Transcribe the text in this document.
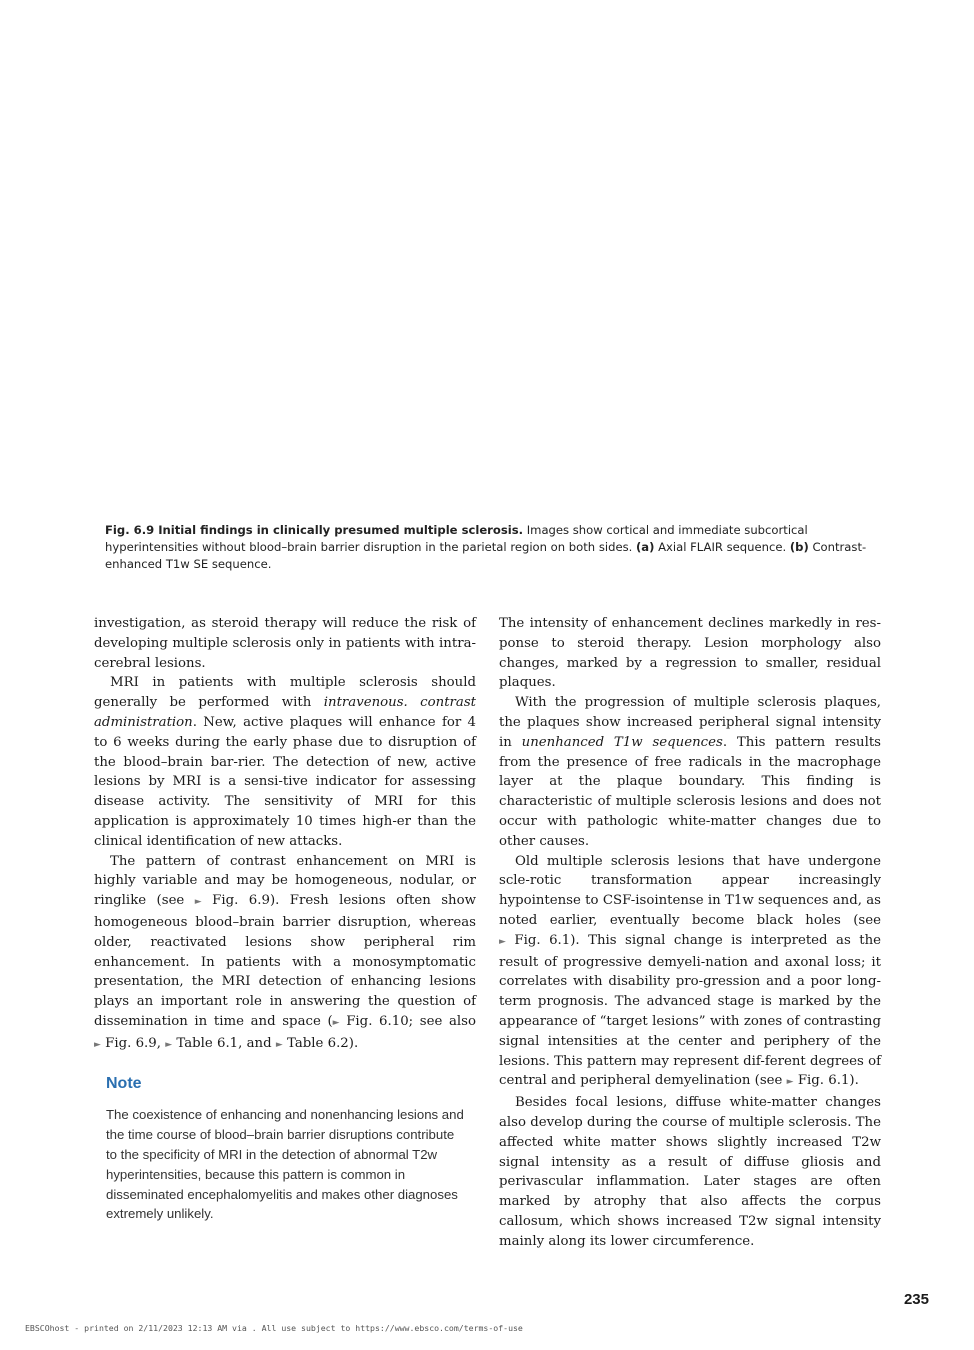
Fig. 6.9 Initial findings in clinically presumed multiple sclerosis. Images show cortical and immediate subcortical hyperintensities without blood–brain barrier disruption in the parietal region on both sides. (a) Axial FLAIR sequence. (b) Contrast-enhanced T1w SE sequence.

investigation, as steroid therapy will reduce the risk of developing multiple sclerosis only in patients with intra-cerebral lesions.

MRI in patients with multiple sclerosis should generally be performed with intravenous. contrast administration. New, active plaques will enhance for 4 to 6 weeks during the early phase due to disruption of the blood–brain bar-rier. The detection of new, active lesions by MRI is a sensi-tive indicator for assessing disease activity. The sensitivity of MRI for this application is approximately 10 times high-er than the clinical identification of new attacks.

The pattern of contrast enhancement on MRI is highly variable and may be homogeneous, nodular, or ringlike (see ► Fig. 6.9). Fresh lesions often show homogeneous blood–brain barrier disruption, whereas older, reactivated lesions show peripheral rim enhancement. In patients with a monosymptomatic presentation, the MRI detection of enhancing lesions plays an important role in answering the question of dissemination in time and space (► Fig. 6.10; see also ► Fig. 6.9, ► Table 6.1, and ► Table 6.2).

Note
The coexistence of enhancing and nonenhancing lesions and the time course of blood–brain barrier disruptions contribute to the specificity of MRI in the detection of abnormal T2w hyperintensities, because this pattern is common in disseminated encephalomyelitis and makes other diagnoses extremely unlikely.

The intensity of enhancement declines markedly in res-ponse to steroid therapy. Lesion morphology also changes, marked by a regression to smaller, residual plaques.

With the progression of multiple sclerosis plaques, the plaques show increased peripheral signal intensity in unenhanced T1w sequences. This pattern results from the presence of free radicals in the macrophage layer at the plaque boundary. This finding is characteristic of multiple sclerosis lesions and does not occur with pathologic white-matter changes due to other causes.

Old multiple sclerosis lesions that have undergone scle-rotic transformation appear increasingly hypointense to CSF-isointense in T1w sequences and, as noted earlier, eventually become black holes (see ► Fig. 6.1). This signal change is interpreted as the result of progressive demyeli-nation and axonal loss; it correlates with disability pro-gression and a poor long-term prognosis. The advanced stage is marked by the appearance of “target lesions” with zones of contrasting signal intensities at the center and periphery of the lesions. This pattern may represent dif-ferent degrees of central and peripheral demyelination (see ► Fig. 6.1).

Besides focal lesions, diffuse white-matter changes also develop during the course of multiple sclerosis. The affected white matter shows slightly increased T2w signal intensity as a result of diffuse gliosis and perivascular inflammation. Later stages are often marked by atrophy that also affects the corpus callosum, which shows increased T2w signal intensity mainly along its lower circumference.

235
EBSCOhost - printed on 2/11/2023 12:13 AM via . All use subject to https://www.ebsco.com/terms-of-use
